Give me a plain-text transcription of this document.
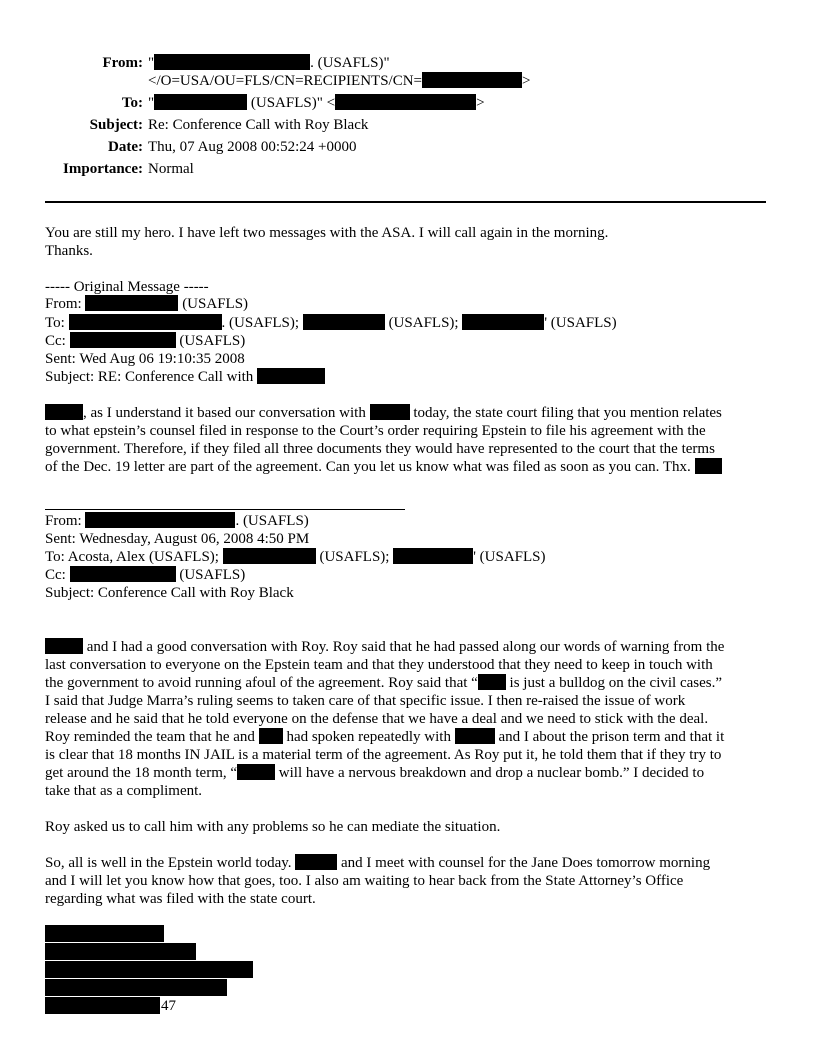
From: "	. (USAFLS)"
</O=USA/OU=FLS/CN=RECIPIENTS/CN=	>
To: "	(USAFLS)" <	>
Subject: Re: Conference Call with Roy Black
Date: Thu, 07 Aug 2008 00:52:24 +0000
Importance: Normal
You are still my hero. I have left two messages with the ASA. I will call again in the morning.
Thanks.
----- Original Message -----
From:	(USAFLS)
To:	. (USAFLS);	(USAFLS);	' (USAFLS)
Cc:	(USAFLS)
Sent: Wed Aug 06 19:10:35 2008
Subject: RE: Conference Call with
, as I understand it based our conversation with	today, the state court filing that you mention relates
to what epstein’s counsel filed in response to the Court’s order requiring Epstein to file his agreement with the
government. Therefore, if they filed all three documents they would have represented to the court that the terms
of the Dec. 19 letter are part of the agreement. Can you let us know what was filed as soon as you can. Thx.
From:	. (USAFLS)
Sent: Wednesday, August 06, 2008 4:50 PM
To: Acosta, Alex (USAFLS);	(USAFLS);	' (USAFLS)
Cc:	(USAFLS)
Subject: Conference Call with Roy Black
and I had a good conversation with Roy. Roy said that he had passed along our words of warning from the
last conversation to everyone on the Epstein team and that they understood that they need to keep in touch with
the government to avoid running afoul of the agreement. Roy said that “ is just a bulldog on the civil cases.”
I said that Judge Marra’s ruling seems to taken care of that specific issue. I then re-raised the issue of work
release and he said that he told everyone on the defense that we have a deal and we need to stick with the deal.
Roy reminded the team that he and  had spoken repeatedly with	and I about the prison term and that it
is clear that 18 months IN JAIL is a material term of the agreement. As Roy put it, he told them that if they try to
get around the 18 month term, “	will have a nervous breakdown and drop a nuclear bomb.” I decided to
take that as a compliment.
Roy asked us to call him with any problems so he can mediate the situation.
So, all is well in the Epstein world today.	and I meet with counsel for the Jane Does tomorrow morning
and I will let you know how that goes, too. I also am waiting to hear back from the State Attorney’s Office
regarding what was filed with the state court.
47
